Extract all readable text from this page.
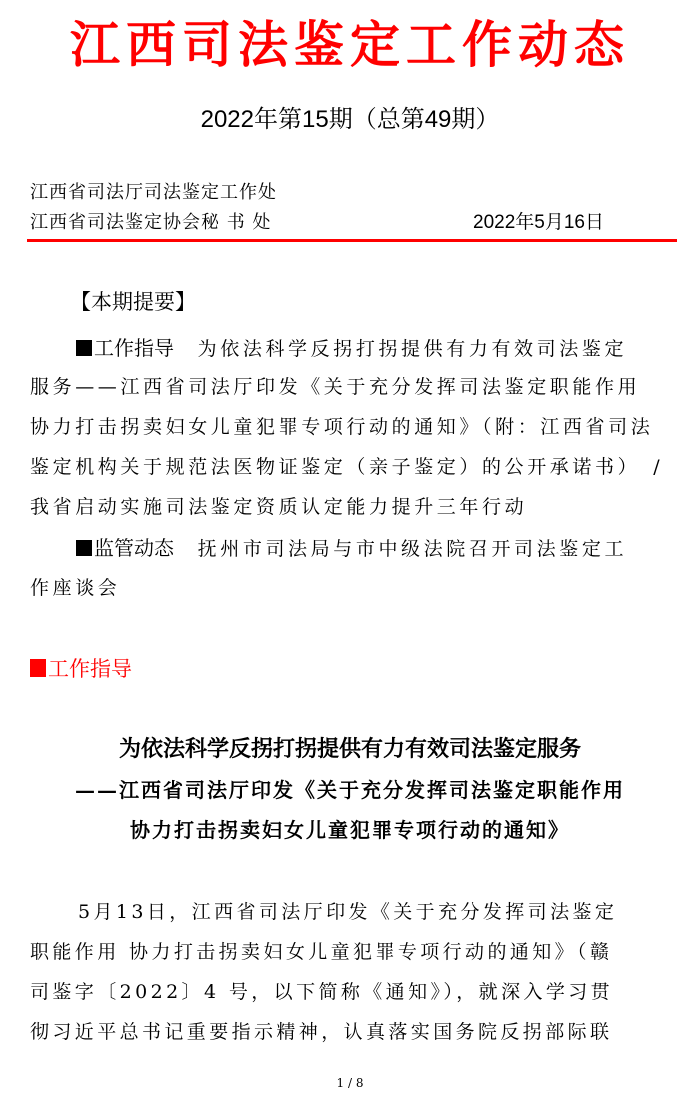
江西司法鉴定工作动态
2022年第15期（总第49期）
江西省司法厅司法鉴定工作处
江西省司法鉴定协会秘 书 处	2022年5月16日
【本期提要】
工作指导 为依法科学反拐打拐提供有力有效司法鉴定
服务——江西省司法厅印发《关于充分发挥司法鉴定职能作用
协力打击拐卖妇女儿童犯罪专项行动的通知》（附：江西省司法
鉴定机构关于规范法医物证鉴定（亲子鉴定）的公开承诺书）　/
我省启动实施司法鉴定资质认定能力提升三年行动
监管动态 抚州市司法局与市中级法院召开司法鉴定工
作座谈会
工作指导
为依法科学反拐打拐提供有力有效司法鉴定服务
——江西省司法厅印发《关于充分发挥司法鉴定职能作用
协力打击拐卖妇女儿童犯罪专项行动的通知》
5月13日，江西省司法厅印发《关于充分发挥司法鉴定
职能作用 协力打击拐卖妇女儿童犯罪专项行动的通知》（赣
司鉴字〔2022〕4 号，以下简称《通知》），就深入学习贯
彻习近平总书记重要指示精神，认真落实国务院反拐部际联
1 / 8
